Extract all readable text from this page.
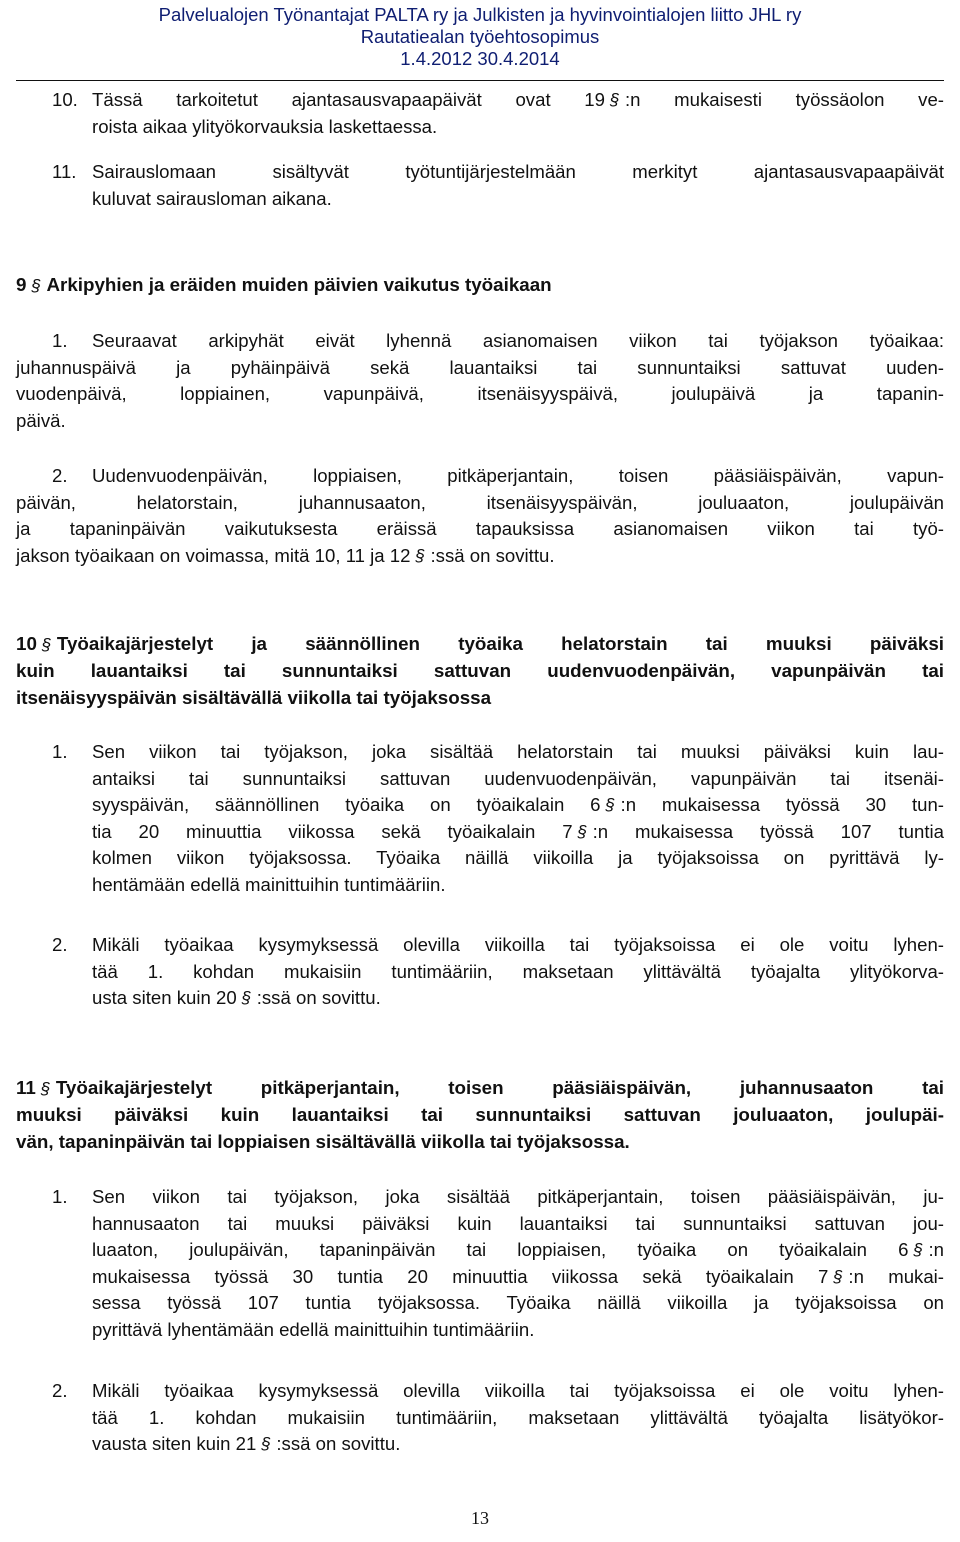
Palvelualojen Työnantajat PALTA ry ja Julkisten ja hyvinvointialojen liitto JHL ry
Rautatiealan työehtosopimus
1.4.2012 30.4.2014
10. Tässä tarkoitetut ajantasausvapaapäivät ovat 19 § :n mukaisesti työssäolon ve-
roista aikaa ylityökorvauksia laskettaessa.
11. Sairauslomaan sisältyvät työtuntijärjestelmään merkityt ajantasausvapaapäivät
kuluvat sairausloman aikana.
9 § Arkipyhien ja eräiden muiden päivien vaikutus työaikaan
1. Seuraavat arkipyhät eivät lyhennä asianomaisen viikon tai työjakson työaikaa:
juhannuspäivä ja pyhäinpäivä sekä lauantaiksi tai sunnuntaiksi sattuvat uuden-
vuodenpäivä, loppiainen, vapunpäivä, itsenäisyyspäivä, joulupäivä ja tapanin-
päivä.
2. Uudenvuodenpäivän, loppiaisen, pitkäperjantain, toisen pääsiäispäivän, vapun-
päivän, helatorstain, juhannusaaton, itsenäisyyspäivän, jouluaaton, joulupäivän
ja tapaninpäivän vaikutuksesta eräissä tapauksissa asianomaisen viikon tai työ-
jakson työaikaan on voimassa, mitä 10, 11 ja 12 § :ssä on sovittu.
10 § Työaikajärjestelyt ja säännöllinen työaika helatorstain tai muuksi päiväksi
kuin lauantaiksi tai sunnuntaiksi sattuvan uudenvuodenpäivän, vapunpäivän tai
itsenäisyyspäivän sisältävällä viikolla tai työjaksossa
1. Sen viikon tai työjakson, joka sisältää helatorstain tai muuksi päiväksi kuin lau-
antaiksi tai sunnuntaiksi sattuvan uudenvuodenpäivän, vapunpäivän tai itsenäi-
syyspäivän, säännöllinen työaika on työaikalain 6 § :n mukaisessa työssä 30 tun-
tia 20 minuuttia viikossa sekä työaikalain 7 § :n mukaisessa työssä 107 tuntia
kolmen viikon työjaksossa. Työaika näillä viikoilla ja työjaksoissa on pyrittävä ly-
hentämään edellä mainittuihin tuntimääriin.
2. Mikäli työaikaa kysymyksessä olevilla viikoilla tai työjaksoissa ei ole voitu lyhen-
tää 1. kohdan mukaisiin tuntimääriin, maksetaan ylittävältä työajalta ylityökorva-
usta siten kuin 20 § :ssä on sovittu.
11 § Työaikajärjestelyt pitkäperjantain, toisen pääsiäispäivän, juhannusaaton tai
muuksi päiväksi kuin lauantaiksi tai sunnuntaiksi sattuvan jouluaaton, joulupäi-
vän, tapaninpäivän tai loppiaisen sisältävällä viikolla tai työjaksossa.
1. Sen viikon tai työjakson, joka sisältää pitkäperjantain, toisen pääsiäispäivän, ju-
hannusaaton tai muuksi päiväksi kuin lauantaiksi tai sunnuntaiksi sattuvan jou-
luaaton, joulupäivän, tapaninpäivän tai loppiaisen, työaika on työaikalain 6 § :n
mukaisessa työssä 30 tuntia 20 minuuttia viikossa sekä työaikalain 7 § :n mukai-
sessa työssä 107 tuntia työjaksossa. Työaika näillä viikoilla ja työjaksoissa on
pyrittävä lyhentämään edellä mainittuihin tuntimääriin.
2. Mikäli työaikaa kysymyksessä olevilla viikoilla tai työjaksoissa ei ole voitu lyhen-
tää 1. kohdan mukaisiin tuntimääriin, maksetaan ylittävältä työajalta lisätyökor-
vausta siten kuin 21 § :ssä on sovittu.
13
